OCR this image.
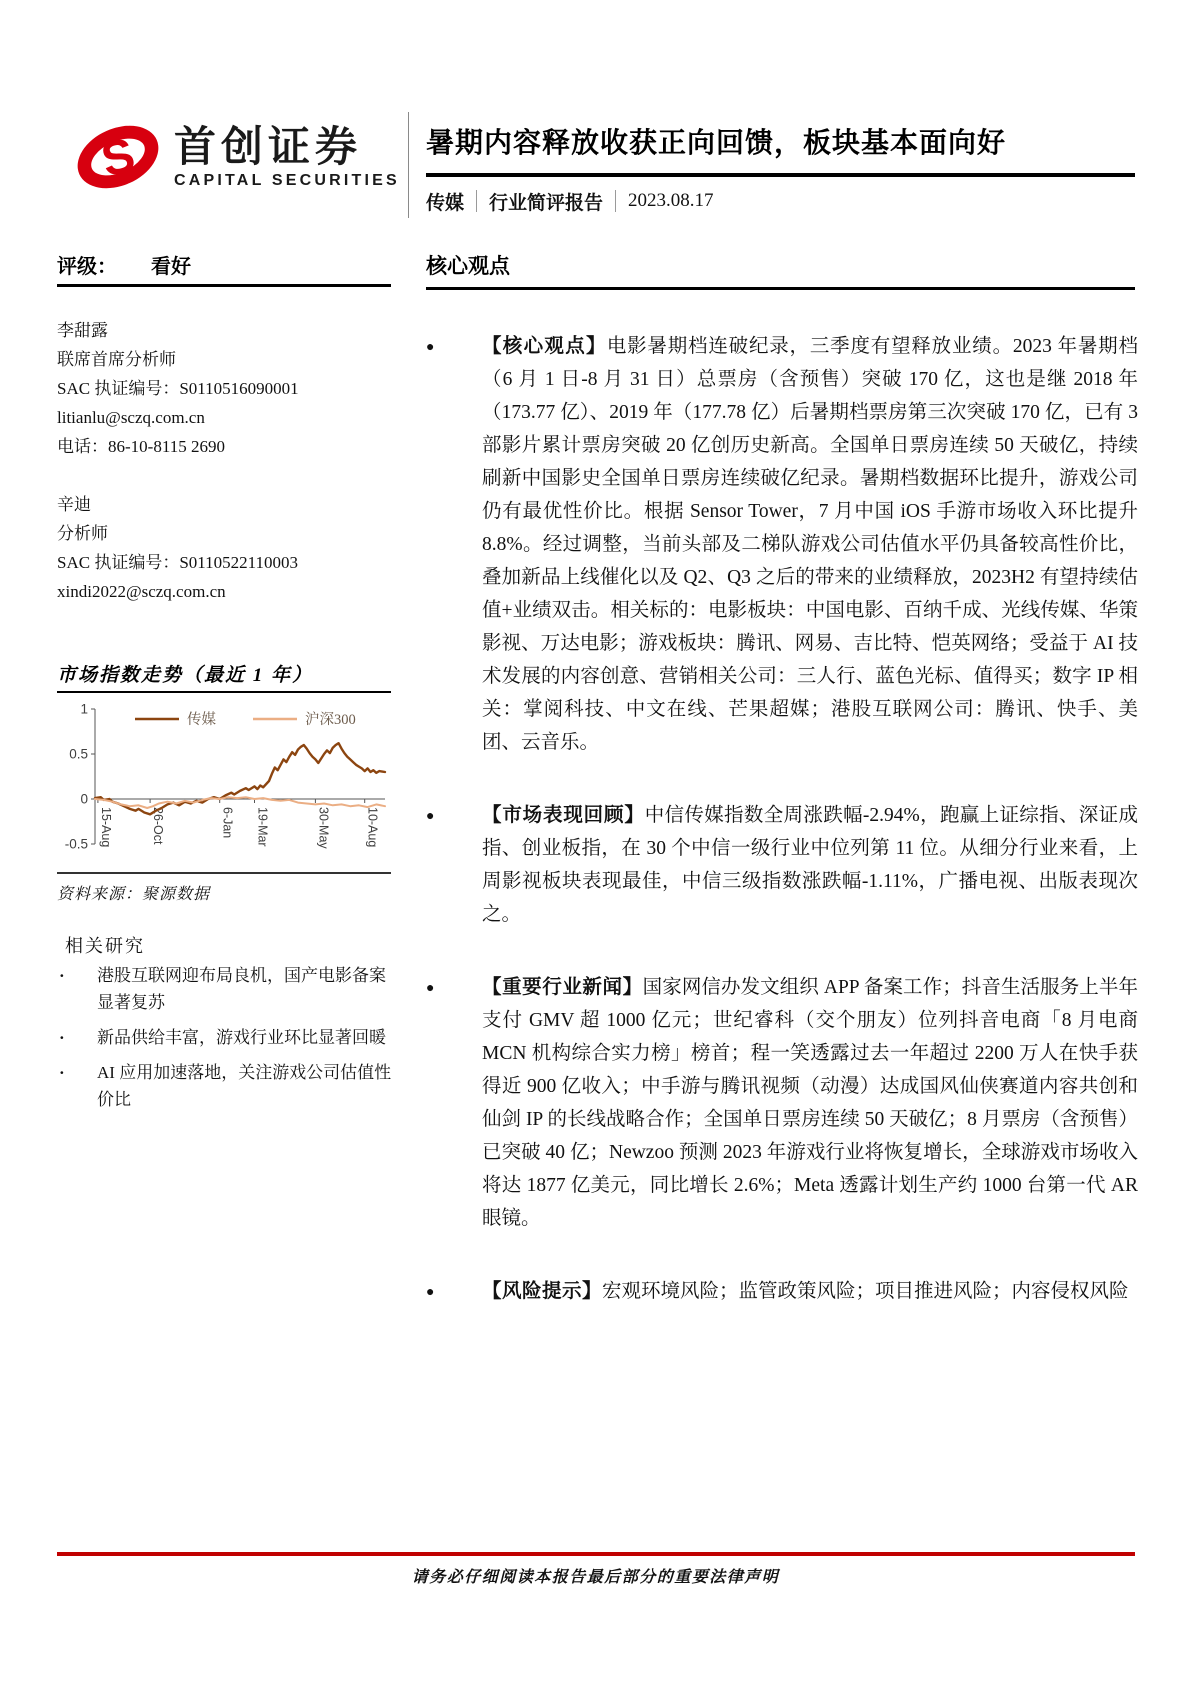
S 首创证券
CAPITAL SECURITIES
暑期内容释放收获正向回馈，板块基本面向好
传媒 行业简评报告 2023.08.17
评级： 看好
李甜露
联席首席分析师
SAC 执证编号：S0110516090001
litianlu@sczq.com.cn
电话：86-10-8115 2690
辛迪
分析师
SAC 执证编号：S0110522110003
xindi2022@sczq.com.cn
市场指数走势（最近 1 年）
1
0.5
0
-0.5 15-Aug	26-Oct	6-Jan 19-Mar	30-May	10-Aug
传媒	沪深300
资料来源：聚源数据
相关研究
· 港股互联网迎布局良机，国产电影备案显著复苏
· 新品供给丰富，游戏行业环比显著回暖
· AI 应用加速落地，关注游戏公司估值性价比
核心观点
● 【核心观点】电影暑期档连破纪录，三季度有望释放业绩。2023 年暑期档（6 月 1 日-8 月 31 日）总票房（含预售）突破 170 亿，这也是继 2018 年（173.77 亿）、2019 年（177.78 亿）后暑期档票房第三次突破 170 亿，已有 3 部影片累计票房突破 20 亿创历史新高。全国单日票房连续 50 天破亿，持续刷新中国影史全国单日票房连续破亿纪录。暑期档数据环比提升，游戏公司仍有最优性价比。根据 Sensor Tower，7 月中国 iOS 手游市场收入环比提升 8.8%。经过调整，当前头部及二梯队游戏公司估值水平仍具备较高性价比，叠加新品上线催化以及 Q2、Q3 之后的带来的业绩释放，2023H2 有望持续估值+业绩双击。相关标的：电影板块：中国电影、百纳千成、光线传媒、华策影视、万达电影；游戏板块：腾讯、网易、吉比特、恺英网络；受益于 AI 技术发展的内容创意、营销相关公司：三人行、蓝色光标、值得买；数字 IP 相关：掌阅科技、中文在线、芒果超媒；港股互联网公司：腾讯、快手、美团、云音乐。
● 【市场表现回顾】中信传媒指数全周涨跌幅-2.94%，跑赢上证综指、深证成指、创业板指，在 30 个中信一级行业中位列第 11 位。从细分行业来看，上周影视板块表现最佳，中信三级指数涨跌幅-1.11%，广播电视、出版表现次之。
● 【重要行业新闻】国家网信办发文组织 APP 备案工作；抖音生活服务上半年支付 GMV 超 1000 亿元；世纪睿科（交个朋友）位列抖音电商「8 月电商 MCN 机构综合实力榜」榜首；程一笑透露过去一年超过 2200 万人在快手获得近 900 亿收入；中手游与腾讯视频（动漫）达成国风仙侠赛道内容共创和仙剑 IP 的长线战略合作；全国单日票房连续 50 天破亿；8 月票房（含预售）已突破 40 亿；Newzoo 预测 2023 年游戏行业将恢复增长，全球游戏市场收入将达 1877 亿美元，同比增长 2.6%；Meta 透露计划生产约 1000 台第一代 AR 眼镜。
● 【风险提示】宏观环境风险；监管政策风险；项目推进风险；内容侵权风险
请务必仔细阅读本报告最后部分的重要法律声明
